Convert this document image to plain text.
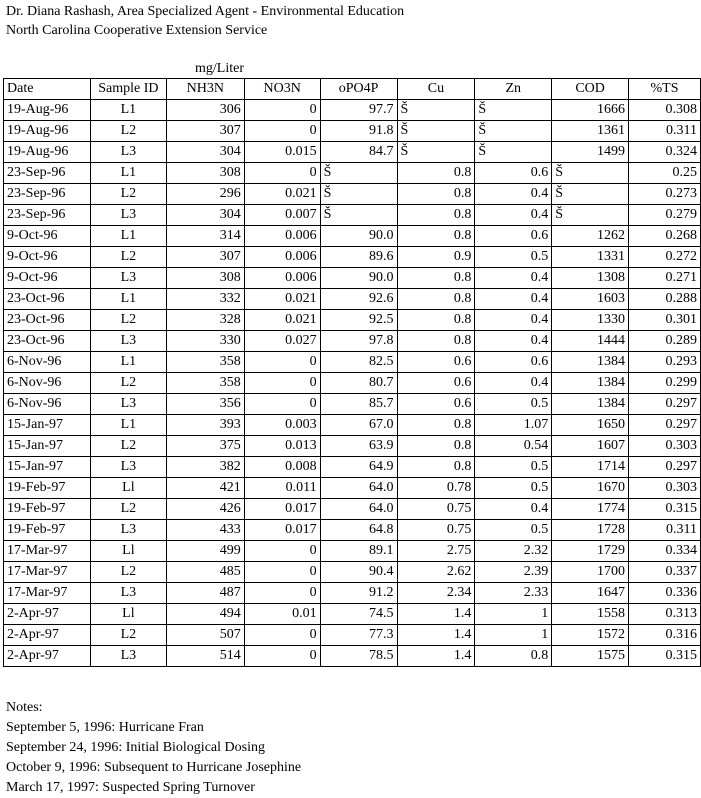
Dr. Diana Rashash, Area Specialized Agent - Environmental Education
North Carolina Cooperative Extension Service
mg/Liter
Date	Sample ID	NH3N	NO3N	oPO4P	Cu	Zn	COD	%TS
19-Aug-96	L1	306	0	97.7	Š	Š	1666	0.308
19-Aug-96	L2	307	0	91.8	Š	Š	1361	0.311
19-Aug-96	L3	304	0.015	84.7	Š	Š	1499	0.324
23-Sep-96	L1	308	0	Š	0.8	0.6	Š	0.25
23-Sep-96	L2	296	0.021	Š	0.8	0.4	Š	0.273
23-Sep-96	L3	304	0.007	Š	0.8	0.4	Š	0.279
9-Oct-96	L1	314	0.006	90.0	0.8	0.6	1262	0.268
9-Oct-96	L2	307	0.006	89.6	0.9	0.5	1331	0.272
9-Oct-96	L3	308	0.006	90.0	0.8	0.4	1308	0.271
23-Oct-96	L1	332	0.021	92.6	0.8	0.4	1603	0.288
23-Oct-96	L2	328	0.021	92.5	0.8	0.4	1330	0.301
23-Oct-96	L3	330	0.027	97.8	0.8	0.4	1444	0.289
6-Nov-96	L1	358	0	82.5	0.6	0.6	1384	0.293
6-Nov-96	L2	358	0	80.7	0.6	0.4	1384	0.299
6-Nov-96	L3	356	0	85.7	0.6	0.5	1384	0.297
15-Jan-97	L1	393	0.003	67.0	0.8	1.07	1650	0.297
15-Jan-97	L2	375	0.013	63.9	0.8	0.54	1607	0.303
15-Jan-97	L3	382	0.008	64.9	0.8	0.5	1714	0.297
19-Feb-97	Ll	421	0.011	64.0	0.78	0.5	1670	0.303
19-Feb-97	L2	426	0.017	64.0	0.75	0.4	1774	0.315
19-Feb-97	L3	433	0.017	64.8	0.75	0.5	1728	0.311
17-Mar-97	Ll	499	0	89.1	2.75	2.32	1729	0.334
17-Mar-97	L2	485	0	90.4	2.62	2.39	1700	0.337
17-Mar-97	L3	487	0	91.2	2.34	2.33	1647	0.336
2-Apr-97	Ll	494	0.01	74.5	1.4	1	1558	0.313
2-Apr-97	L2	507	0	77.3	1.4	1	1572	0.316
2-Apr-97	L3	514	0	78.5	1.4	0.8	1575	0.315
Notes:
September 5, 1996: Hurricane Fran
September 24, 1996: Initial Biological Dosing
October 9, 1996: Subsequent to Hurricane Josephine
March 17, 1997: Suspected Spring Turnover
